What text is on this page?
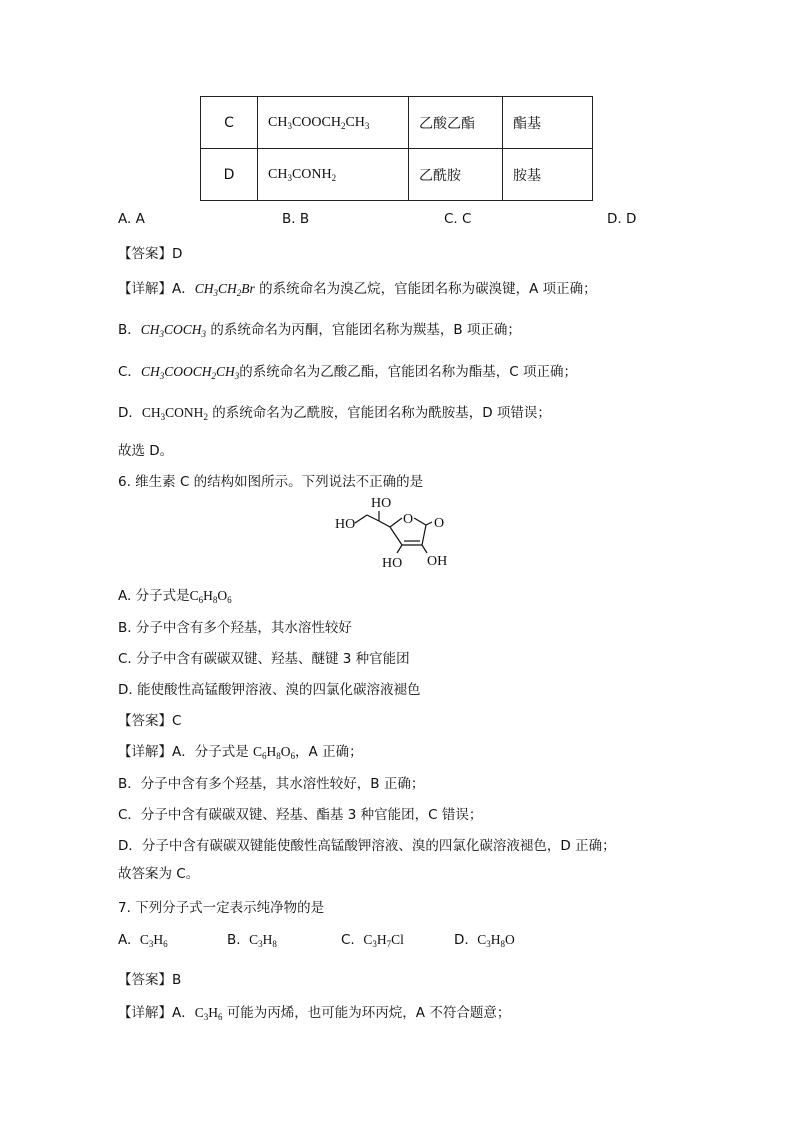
C	$CH_3COOCH_2CH_3$	乙酸乙酯	酯基
D	$CH_3CONH_2$	乙酰胺	胺基
A. A	B. B	C. C	D. D
【答案】D
【详解】A．$CH_3CH_2Br$ 的系统命名为溴乙烷，官能团名称为碳溴键，A 项正确；
B．$CH_3COCH_3$ 的系统命名为丙酮，官能团名称为羰基，B 项正确；
C．$CH_3COOCH_2CH_3$的系统命名为乙酸乙酯，官能团名称为酯基，C 项正确；
D．$CH_3CONH_2$ 的系统命名为乙酰胺，官能团名称为酰胺基，D 项错误；
故选 D。
6. 维生素 C 的结构如图所示。下列说法不正确的是
HO
HO	O O
HO OH
A. 分子式是$C_6H_8O_6$
B. 分子中含有多个羟基，其水溶性较好
C. 分子中含有碳碳双键、羟基、醚键 3 种官能团
D. 能使酸性高锰酸钾溶液、溴的四氯化碳溶液褪色
【答案】C
【详解】A．分子式是 $C_6H_8O_6$，A 正确；
B．分子中含有多个羟基，其水溶性较好，B 正确；
C．分子中含有碳碳双键、羟基、酯基 3 种官能团，C 错误；
D．分子中含有碳碳双键能使酸性高锰酸钾溶液、溴的四氯化碳溶液褪色，D 正确；
故答案为 C。
7. 下列分子式一定表示纯净物的是
A. $C_3H_6$	B. $C_3H_8$	C. $C_3H_7Cl$	D. $C_3H_8O$
【答案】B
【详解】A．$C_3H_6$ 可能为丙烯，也可能为环丙烷，A 不符合题意；
